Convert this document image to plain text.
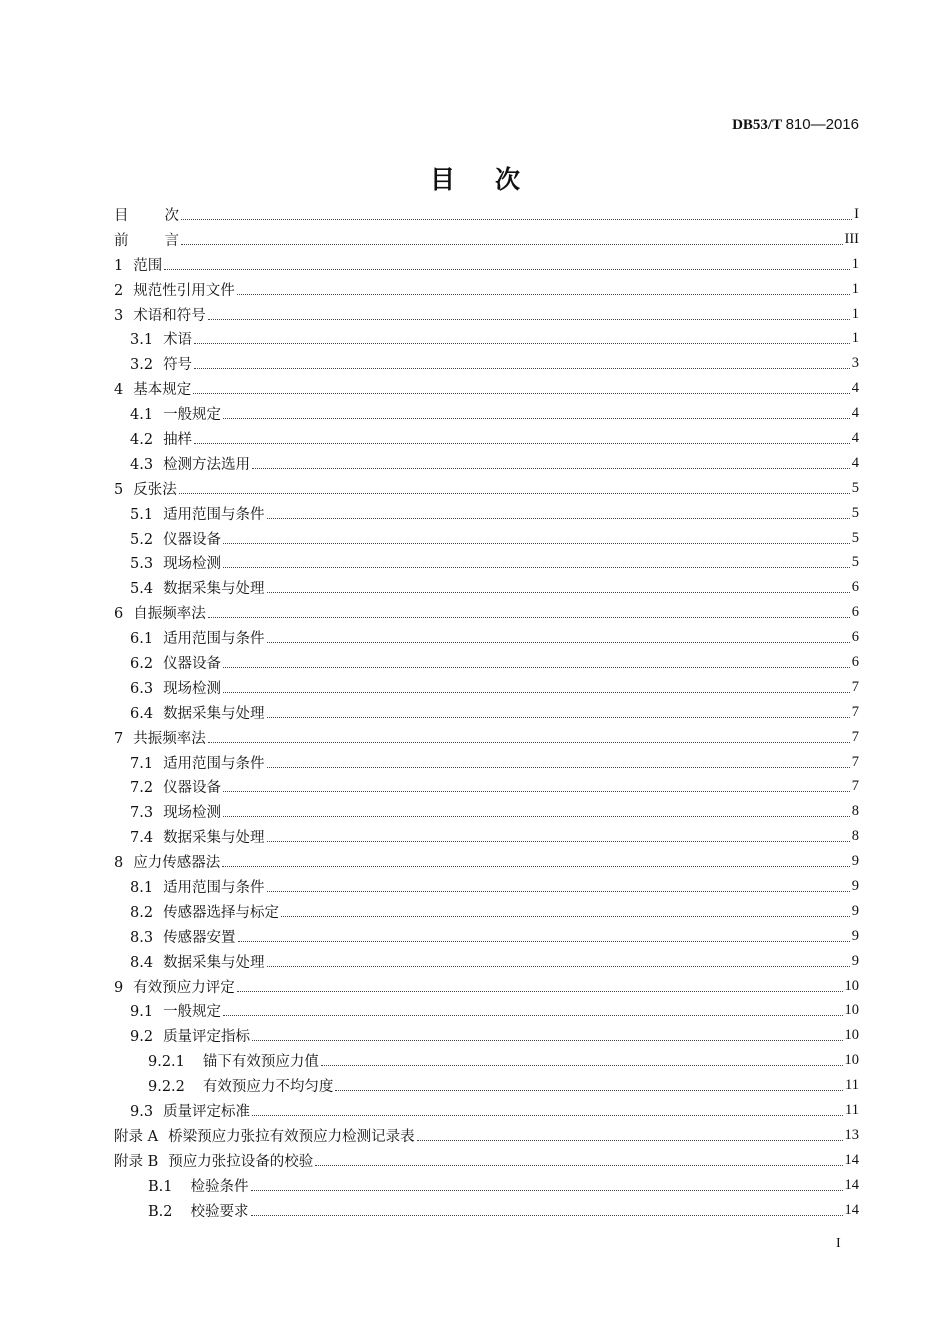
DB53/T 810—2016
目次
目 次	I
前 言	III
1 范围	1
2 规范性引用文件	1
3 术语和符号	1
3.1 术语	1
3.2 符号	3
4 基本规定	4
4.1 一般规定	4
4.2 抽样	4
4.3 检测方法选用	4
5 反张法	5
5.1 适用范围与条件	5
5.2 仪器设备	5
5.3 现场检测	5
5.4 数据采集与处理	6
6 自振频率法	6
6.1 适用范围与条件	6
6.2 仪器设备	6
6.3 现场检测	7
6.4 数据采集与处理	7
7 共振频率法	7
7.1 适用范围与条件	7
7.2 仪器设备	7
7.3 现场检测	8
7.4 数据采集与处理	8
8 应力传感器法	9
8.1 适用范围与条件	9
8.2 传感器选择与标定	9
8.3 传感器安置	9
8.4 数据采集与处理	9
9 有效预应力评定	10
9.1 一般规定	10
9.2 质量评定指标	10
9.2.1 锚下有效预应力值	10
9.2.2 有效预应力不均匀度	11
9.3 质量评定标准	11
附录 A 桥梁预应力张拉有效预应力检测记录表	13
附录 B 预应力张拉设备的校验	14
B.1 检验条件	14
B.2 校验要求	14
I
